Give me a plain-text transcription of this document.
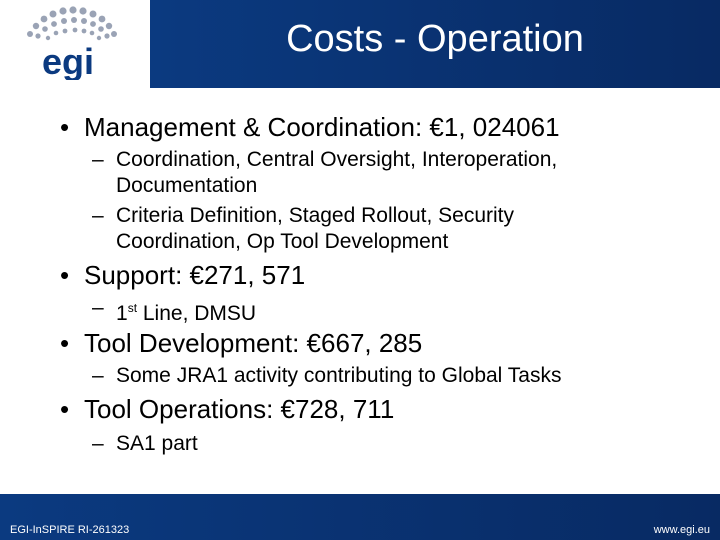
egi
Costs - Operation
• Management & Coordination: €1, 024061
– Coordination, Central Oversight, Interoperation,
Documentation
– Criteria Definition, Staged Rollout, Security
Coordination, Op Tool Development
• Support: €271, 571
– 1st Line, DMSU
• Tool Development: €667, 285
– Some JRA1 activity contributing to Global Tasks
• Tool Operations: €728, 711
– SA1 part
EGI-InSPIRE RI-261323	www.egi.eu
